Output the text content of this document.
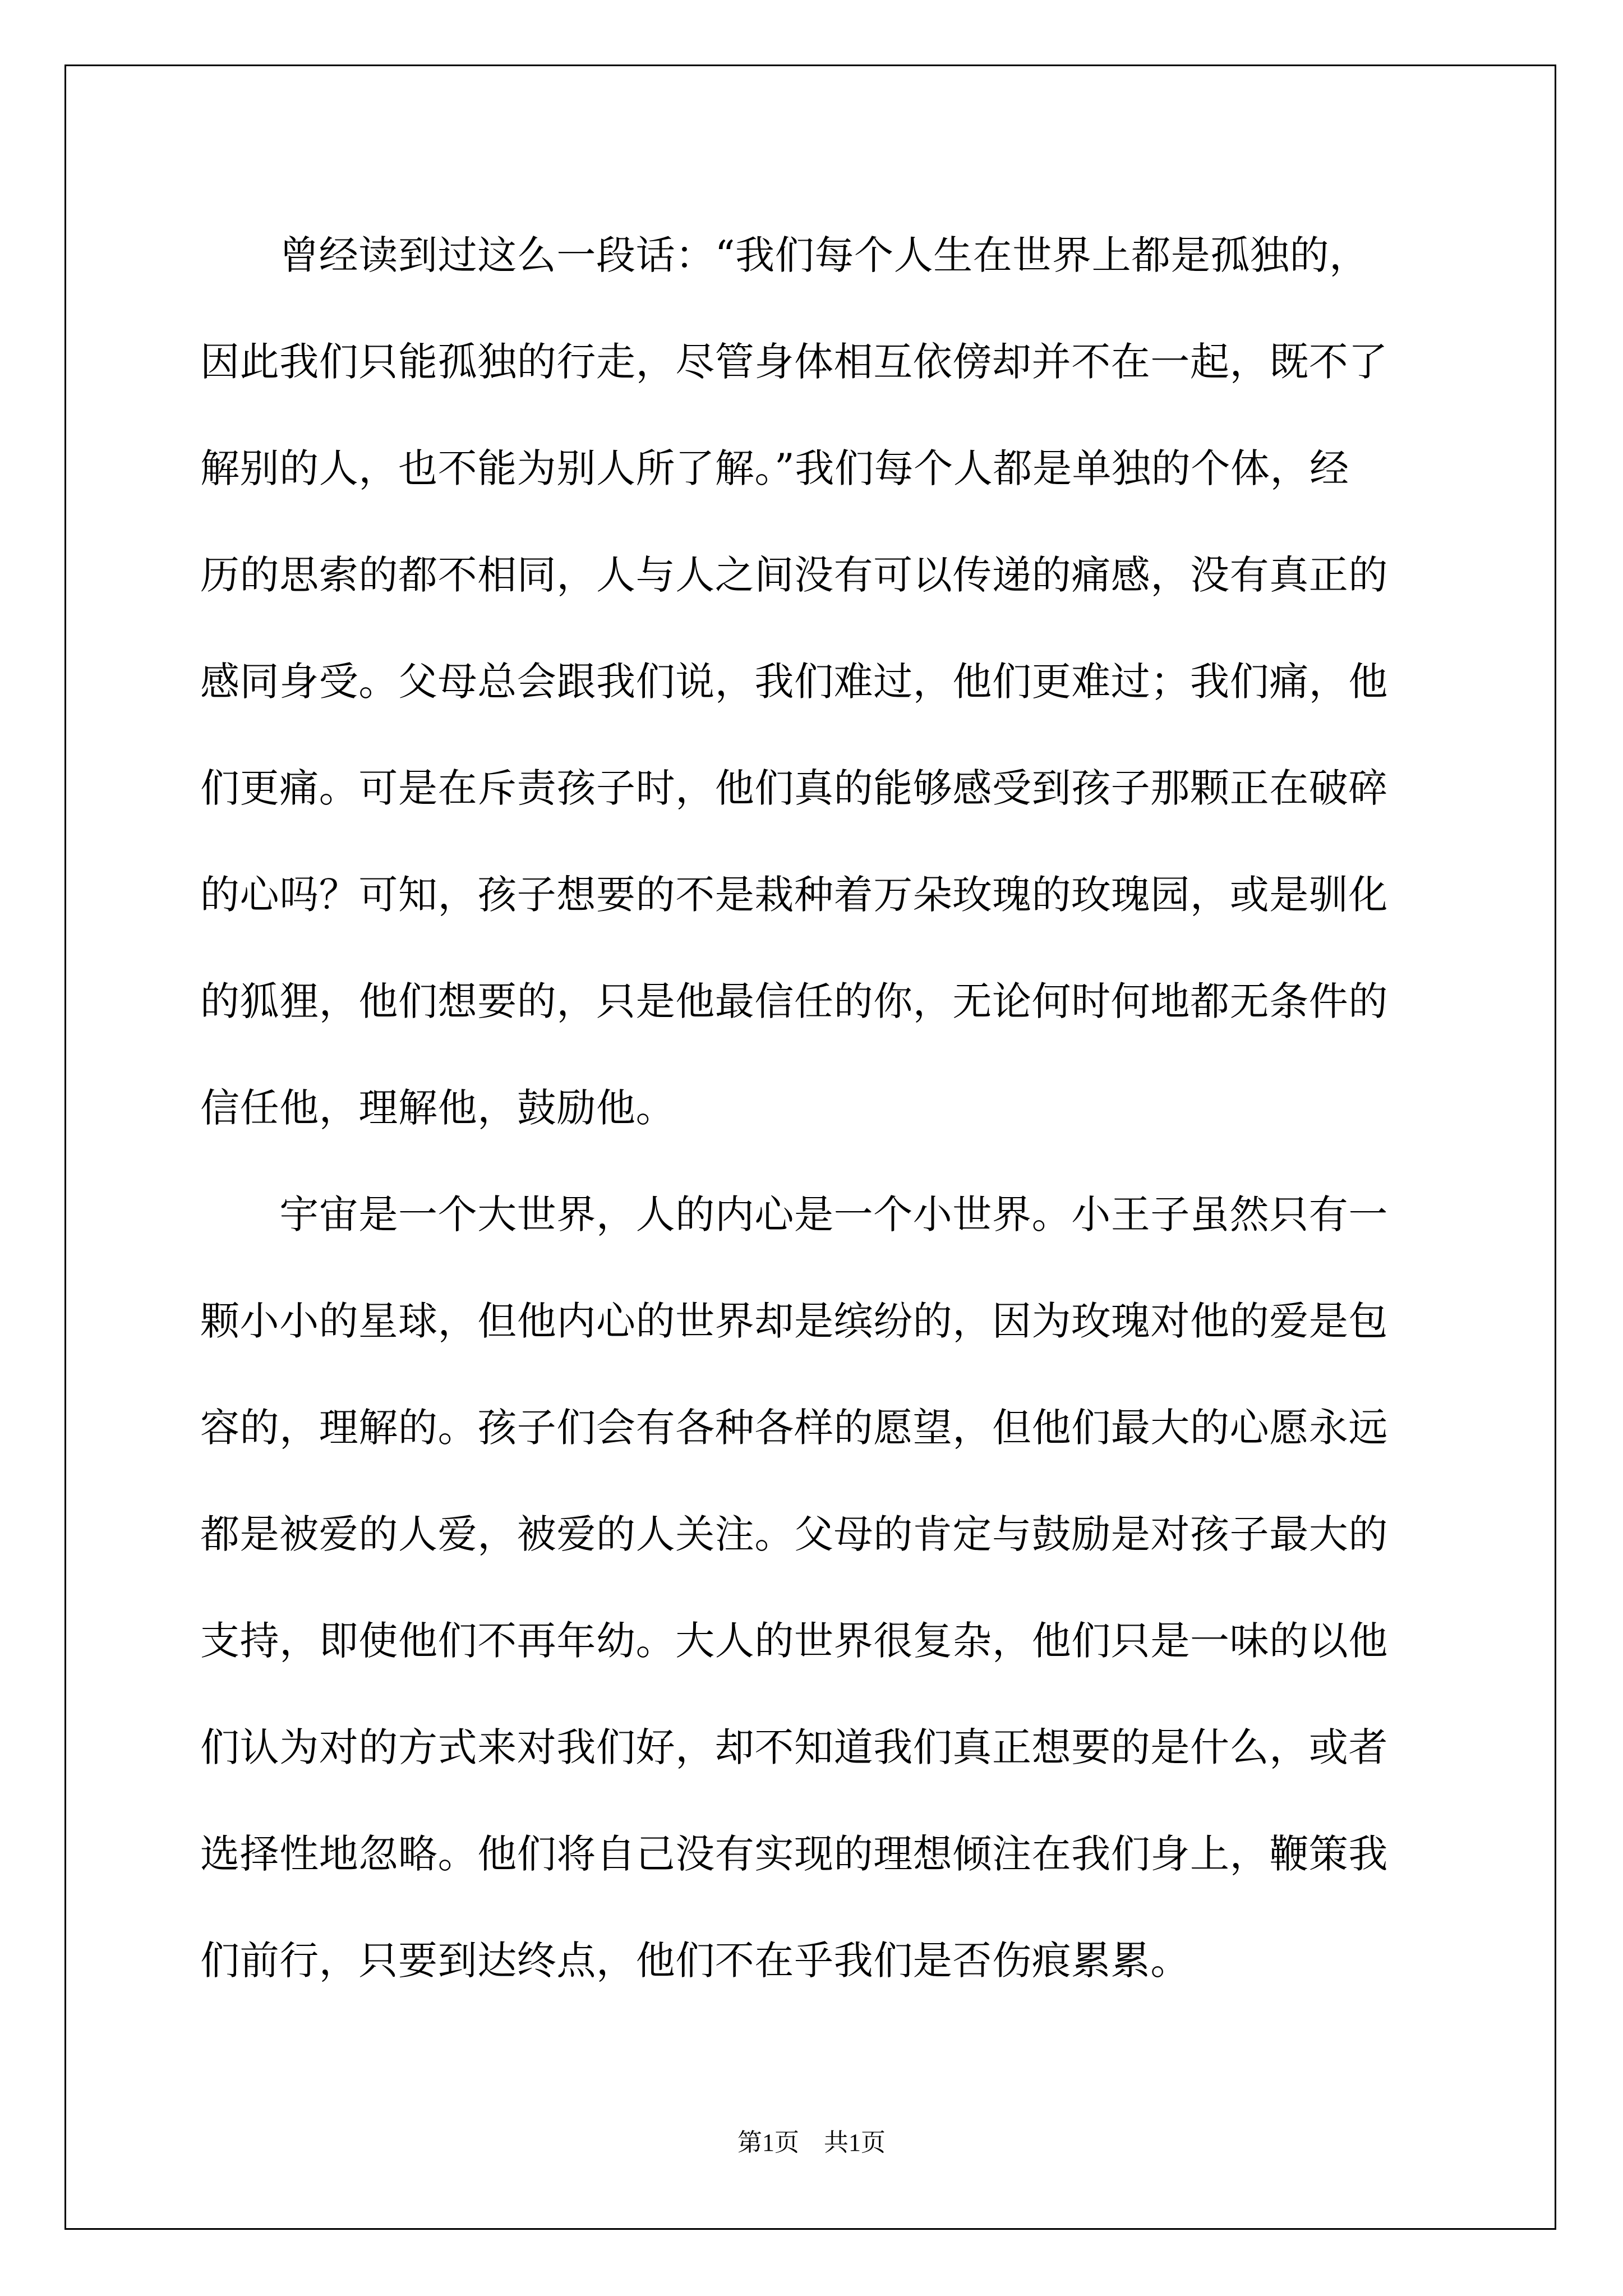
　　曾经读到过这么一段话：“我们每个人生在世界上都是孤独的，
因此我们只能孤独的行走，尽管身体相互依傍却并不在一起，既不了
解别的人，也不能为别人所了解。”我们每个人都是单独的个体，经
历的思索的都不相同，人与人之间没有可以传递的痛感，没有真正的
感同身受。父母总会跟我们说，我们难过，他们更难过；我们痛，他
们更痛。可是在斥责孩子时，他们真的能够感受到孩子那颗正在破碎
的心吗？可知，孩子想要的不是栽种着万朵玫瑰的玫瑰园，或是驯化
的狐狸，他们想要的，只是他最信任的你，无论何时何地都无条件的
信任他，理解他，鼓励他。
　　宇宙是一个大世界，人的内心是一个小世界。小王子虽然只有一
颗小小的星球，但他内心的世界却是缤纷的，因为玫瑰对他的爱是包
容的，理解的。孩子们会有各种各样的愿望，但他们最大的心愿永远
都是被爱的人爱，被爱的人关注。父母的肯定与鼓励是对孩子最大的
支持，即使他们不再年幼。大人的世界很复杂，他们只是一味的以他
们认为对的方式来对我们好，却不知道我们真正想要的是什么，或者
选择性地忽略。他们将自己没有实现的理想倾注在我们身上，鞭策我
们前行，只要到达终点，他们不在乎我们是否伤痕累累。
第1页　共1页
